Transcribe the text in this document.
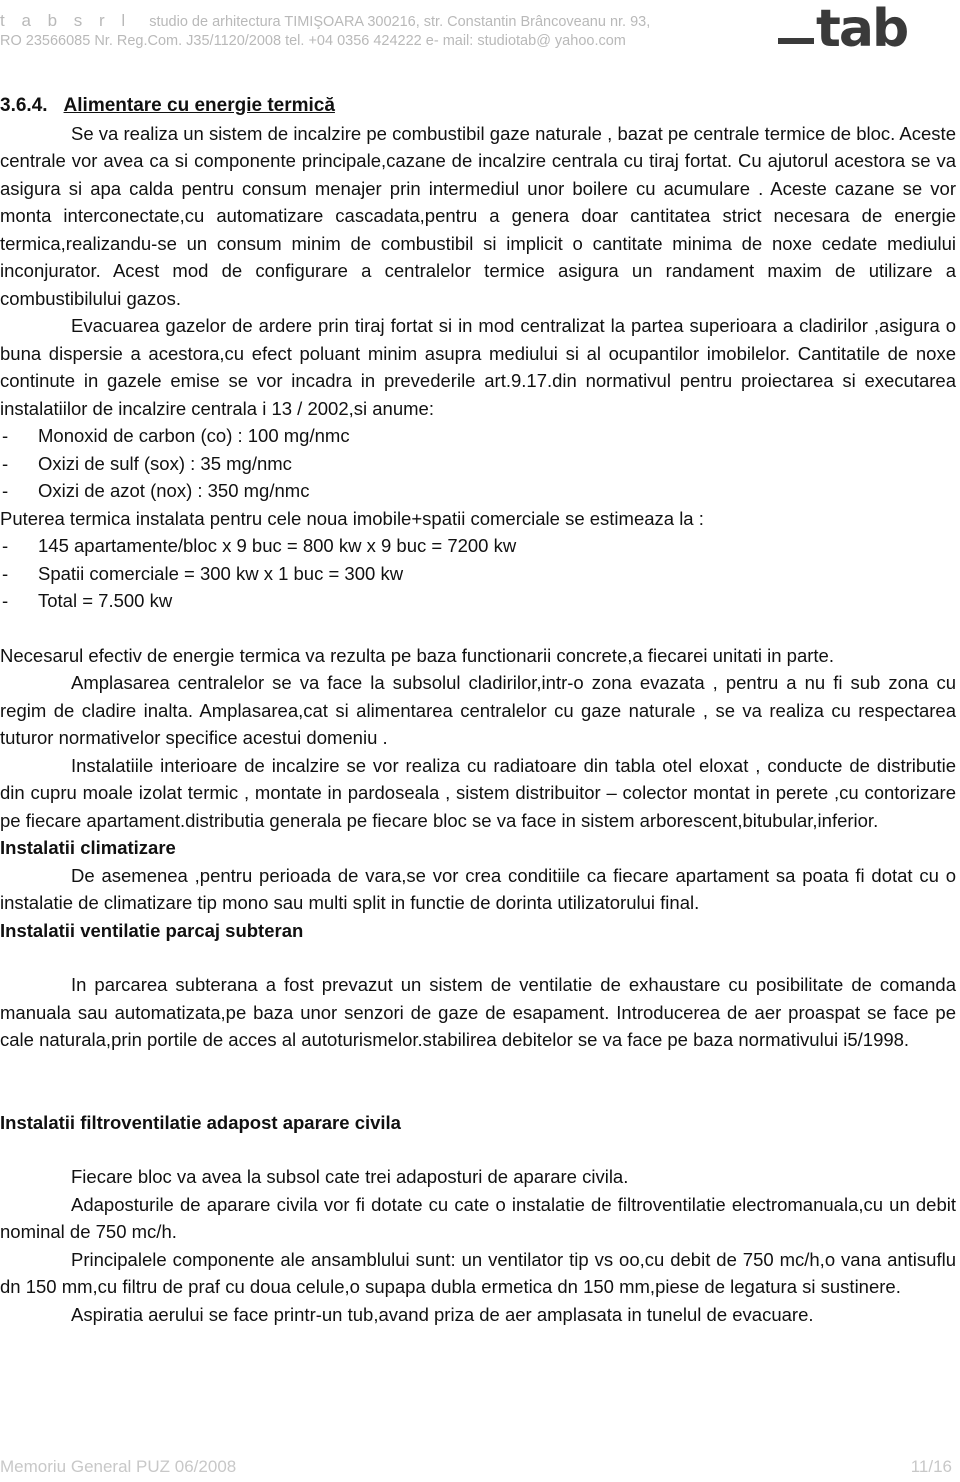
t a b s r l studio de arhitectura TIMIŞOARA 300216, str. Constantin Brâncoveanu nr. 93,
RO 23566085 Nr. Reg.Com. J35/1120/2008 tel. +04 0356 424222 e- mail: studiotab@ yahoo.com	tab

3.6.4. Alimentare cu energie termică

Se va realiza un sistem de incalzire pe combustibil gaze naturale , bazat pe centrale termice de bloc. Aceste centrale vor avea ca si componente principale,cazane de incalzire centrala cu tiraj fortat. Cu ajutorul acestora se va asigura si apa calda pentru consum menajer prin intermediul unor boilere cu acumulare . Aceste cazane se vor monta interconectate,cu automatizare cascadata,pentru a genera doar cantitatea strict necesara de energie termica,realizandu-se un consum minim de combustibil si implicit o cantitate minima de noxe cedate mediului inconjurator. Acest mod de configurare a centralelor termice asigura un randament maxim de utilizare a combustibilului gazos.

Evacuarea gazelor de ardere prin tiraj fortat si in mod centralizat la partea superioara a cladirilor ,asigura o buna dispersie a acestora,cu efect poluant minim asupra mediului si al ocupantilor imobilelor. Cantitatile de noxe continute in gazele emise se vor incadra in prevederile art.9.17.din normativul pentru proiectarea si executarea instalatiilor de incalzire centrala i 13 / 2002,si anume:

- Monoxid de carbon (co) : 100 mg/nmc
- Oxizi de sulf (sox) : 35 mg/nmc
- Oxizi de azot (nox) : 350 mg/nmc

Puterea termica instalata pentru cele noua imobile+spatii comerciale se estimeaza la :

- 145 apartamente/bloc x 9 buc = 800 kw x 9 buc = 7200 kw
- Spatii comerciale = 300 kw x 1 buc = 300 kw
- Total = 7.500 kw

Necesarul efectiv de energie termica va rezulta pe baza functionarii concrete,a fiecarei unitati in parte.

Amplasarea centralelor se va face la subsolul cladirilor,intr-o zona evazata , pentru a nu fi sub zona cu regim de cladire inalta. Amplasarea,cat si alimentarea centralelor cu gaze naturale , se va realiza cu respectarea tuturor normativelor specifice acestui domeniu .

Instalatiile interioare de incalzire se vor realiza cu radiatoare din tabla otel eloxat , conducte de distributie din cupru moale izolat termic , montate in pardoseala , sistem distribuitor – colector montat in perete ,cu contorizare pe fiecare apartament.distributia generala pe fiecare bloc se va face in sistem arborescent,bitubular,inferior.

Instalatii climatizare

De asemenea ,pentru perioada de vara,se vor crea conditiile ca fiecare apartament sa poata fi dotat cu o instalatie de climatizare tip mono sau multi split in functie de dorinta utilizatorului final.

Instalatii ventilatie parcaj subteran

In parcarea subterana a fost prevazut un sistem de ventilatie de exhaustare cu posibilitate de comanda manuala sau automatizata,pe baza unor senzori de gaze de esapament. Introducerea de aer proaspat se face pe cale naturala,prin portile de acces al autoturismelor.stabilirea debitelor se va face pe baza normativului i5/1998.

Instalatii filtroventilatie adapost aparare civila

Fiecare bloc va avea la subsol cate trei adaposturi de aparare civila.

Adaposturile de aparare civila vor fi dotate cu cate o instalatie de filtroventilatie electromanuala,cu un debit nominal de 750 mc/h.

Principalele componente ale ansamblului sunt: un ventilator tip vs oo,cu debit de 750 mc/h,o vana antisuflu dn 150 mm,cu filtru de praf cu doua celule,o supapa dubla ermetica dn 150 mm,piese de legatura si sustinere.

Aspiratia aerului se face printr-un tub,avand priza de aer amplasata in tunelul de evacuare.

Memoriu General PUZ 06/2008	11/16
